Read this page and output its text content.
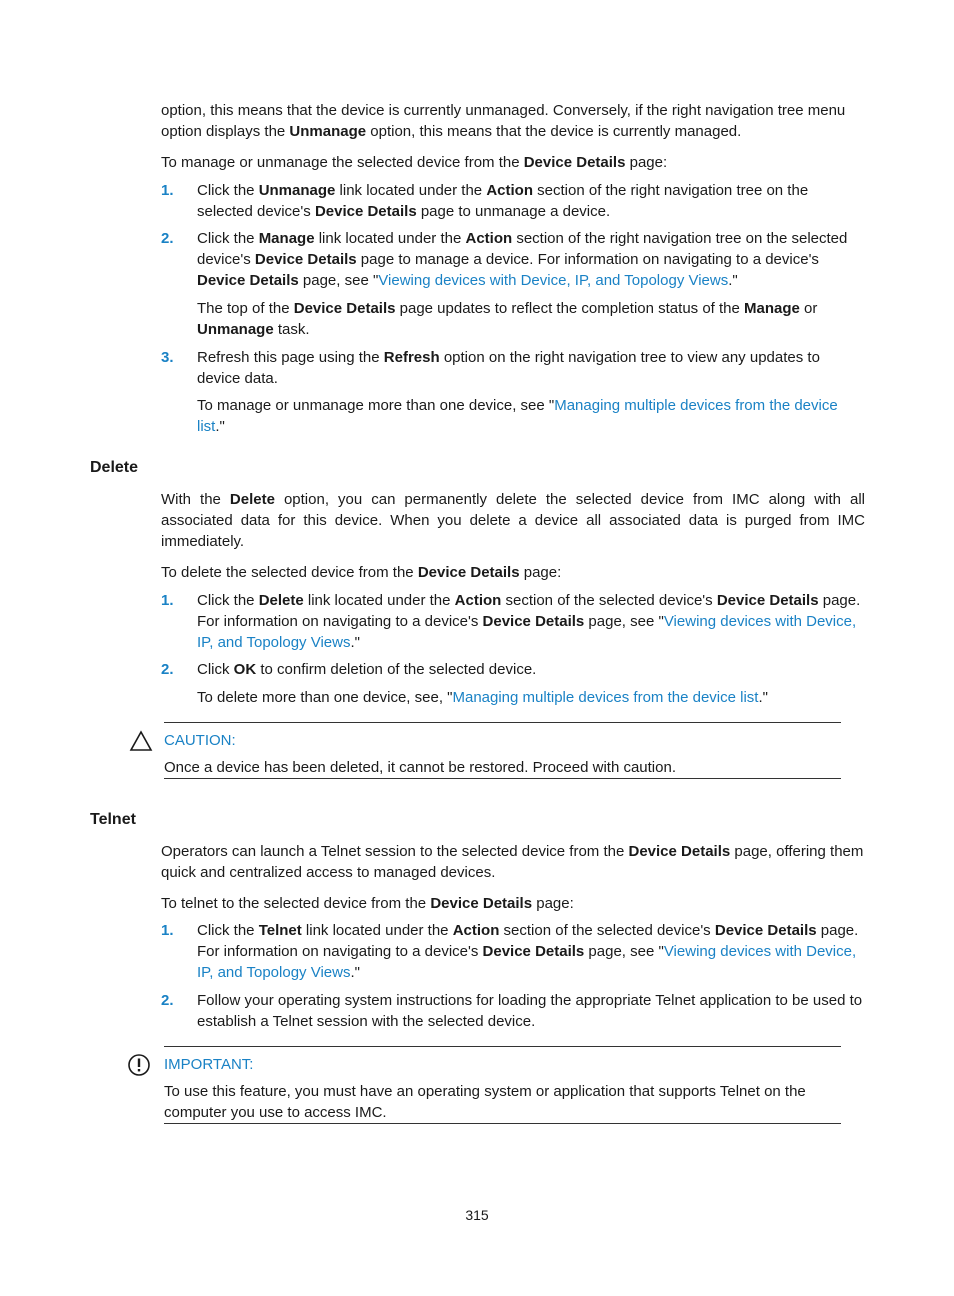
option, this means that the device is currently unmanaged. Conversely, if the right navigation tree menu option displays the Unmanage option, this means that the device is currently managed.
To manage or unmanage the selected device from the Device Details page:
1. Click the Unmanage link located under the Action section of the right navigation tree on the selected device's Device Details page to unmanage a device.
2. Click the Manage link located under the Action section of the right navigation tree on the selected device's Device Details page to manage a device. For information on navigating to a device's Device Details page, see "Viewing devices with Device, IP, and Topology Views."
The top of the Device Details page updates to reflect the completion status of the Manage or Unmanage task.
3. Refresh this page using the Refresh option on the right navigation tree to view any updates to device data.
To manage or unmanage more than one device, see "Managing multiple devices from the device list."
Delete
With the Delete option, you can permanently delete the selected device from IMC along with all associated data for this device. When you delete a device all associated data is purged from IMC immediately.
To delete the selected device from the Device Details page:
1. Click the Delete link located under the Action section of the selected device's Device Details page. For information on navigating to a device's Device Details page, see "Viewing devices with Device, IP, and Topology Views."
2. Click OK to confirm deletion of the selected device.
To delete more than one device, see, "Managing multiple devices from the device list."
CAUTION:
Once a device has been deleted, it cannot be restored. Proceed with caution.
Telnet
Operators can launch a Telnet session to the selected device from the Device Details page, offering them quick and centralized access to managed devices.
To telnet to the selected device from the Device Details page:
1. Click the Telnet link located under the Action section of the selected device's Device Details page. For information on navigating to a device's Device Details page, see "Viewing devices with Device, IP, and Topology Views."
2. Follow your operating system instructions for loading the appropriate Telnet application to be used to establish a Telnet session with the selected device.
IMPORTANT:
To use this feature, you must have an operating system or application that supports Telnet on the computer you use to access IMC.
315
